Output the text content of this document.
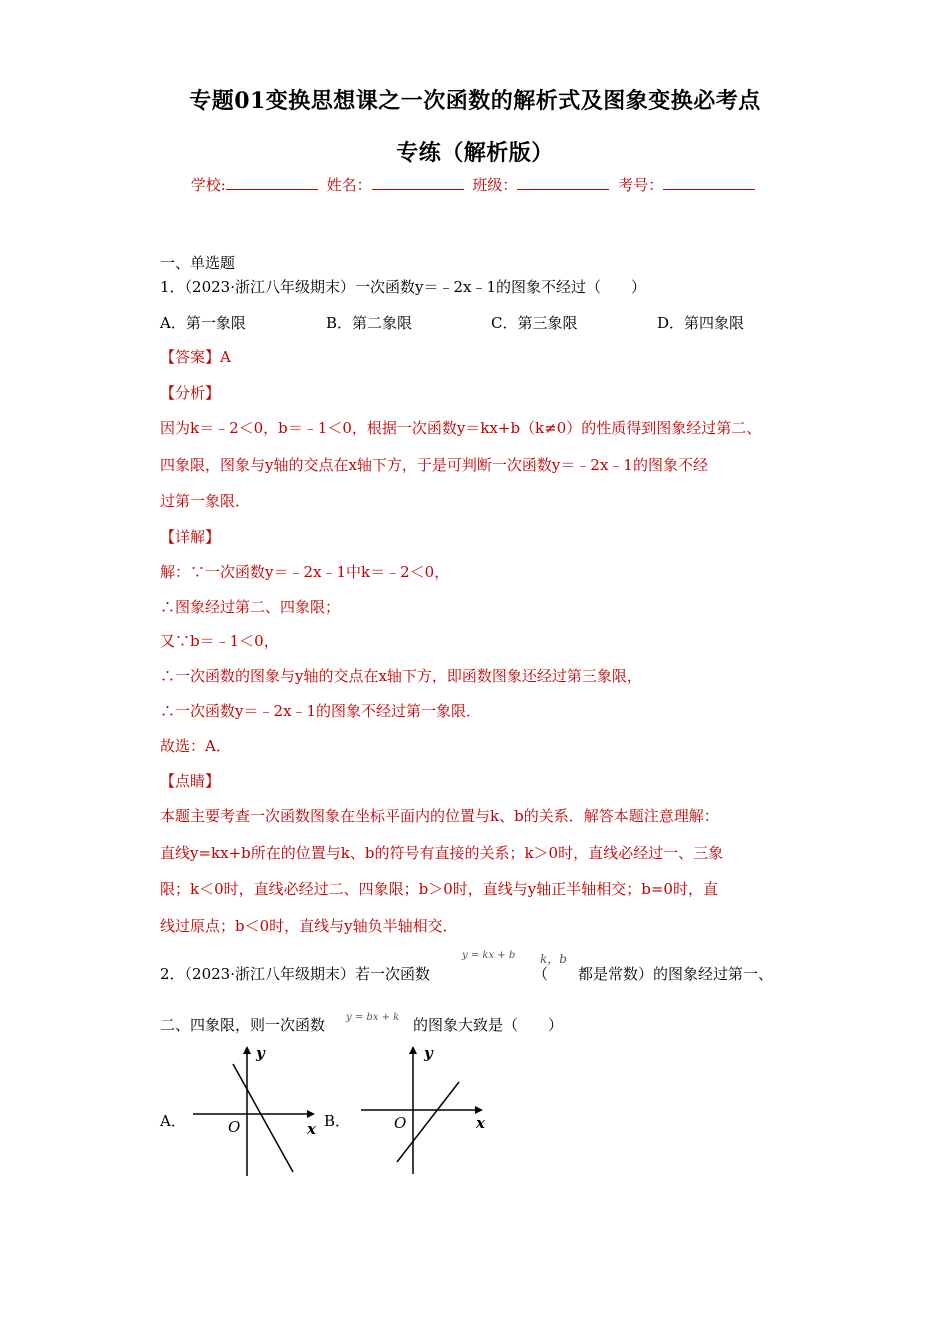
专题01变换思想课之一次函数的解析式及图象变换必考点
专练（解析版）
学校:	姓名：	班级：	考号：
一、单选题
1．（2023·浙江八年级期末）一次函数y＝﹣2x﹣1的图象不经过（　　）
A．第一象限	B．第二象限	C．第三象限	D．第四象限
【答案】A
【分析】
因为k＝﹣2＜0，b＝﹣1＜0，根据一次函数y＝kx+b（k≠0）的性质得到图象经过第二、
四象限，图象与y轴的交点在x轴下方，于是可判断一次函数y＝﹣2x﹣1的图象不经
过第一象限．
【详解】
解：∵一次函数y＝﹣2x﹣1中k＝﹣2＜0，
∴图象经过第二、四象限；
又∵b＝﹣1＜0，
∴一次函数的图象与y轴的交点在x轴下方，即函数图象还经过第三象限，
∴一次函数y＝﹣2x﹣1的图象不经过第一象限．
故选：A．
【点睛】
本题主要考查一次函数图象在坐标平面内的位置与k、b的关系．解答本题注意理解：
直线y=kx+b所在的位置与k、b的符号有直接的关系；k＞0时，直线必经过一、三象
限；k＜0时，直线必经过二、四象限；b＞0时，直线与y轴正半轴相交；b=0时，直
线过原点；b＜0时，直线与y轴负半轴相交．
2．（2023·浙江八年级期末）若一次函数
y = kx + b
（
k，b
都是常数）的图象经过第一、
二、四象限，则一次函数 y = bx + k 的图象大致是（　　）
A．
y
x
O	B．
y
x
O
